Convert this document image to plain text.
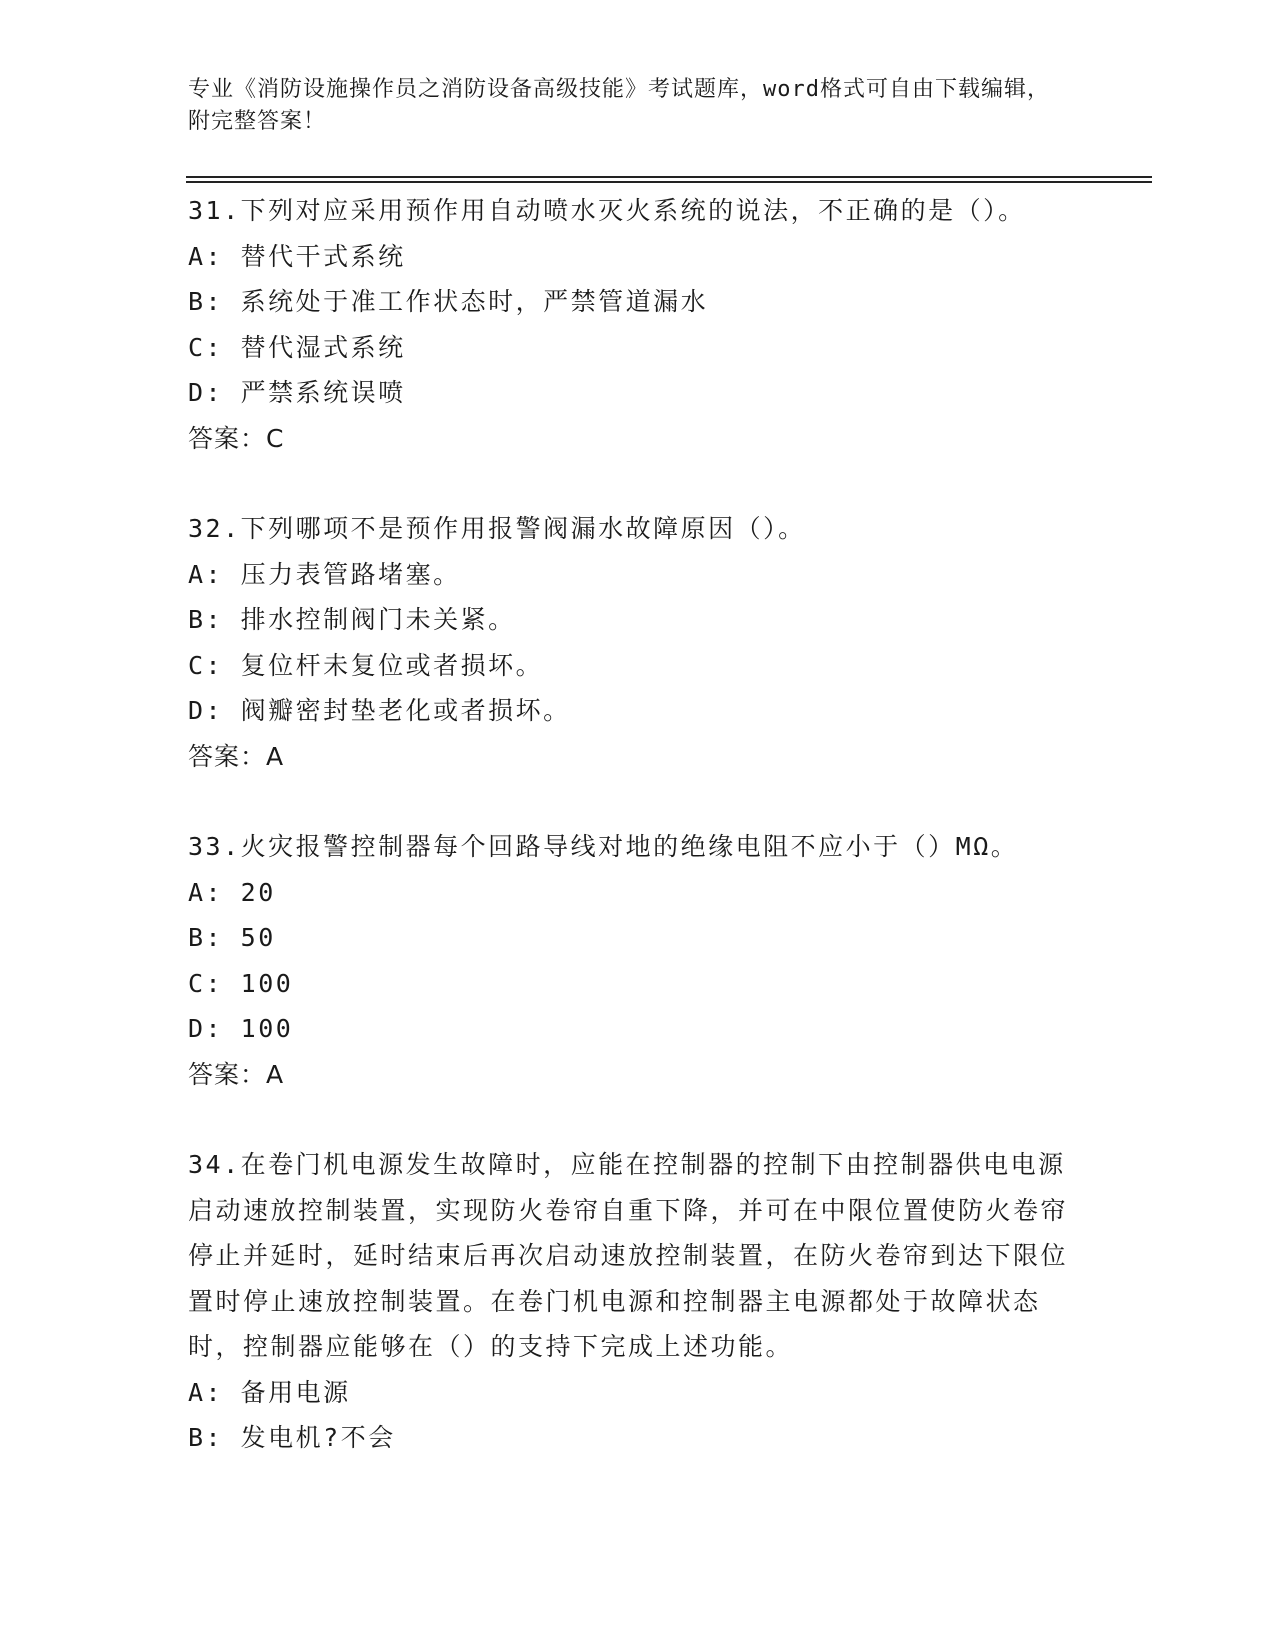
专业《消防设施操作员之消防设备高级技能》考试题库，word格式可自由下载编辑，附完整答案！
31.下列对应采用预作用自动喷水灭火系统的说法，不正确的是（）。
A: 替代干式系统
B: 系统处于准工作状态时，严禁管道漏水
C: 替代湿式系统
D: 严禁系统误喷
答案：C
32.下列哪项不是预作用报警阀漏水故障原因（）。
A: 压力表管路堵塞。
B: 排水控制阀门未关紧。
C: 复位杆未复位或者损坏。
D: 阀瓣密封垫老化或者损坏。
答案：A
33.火灾报警控制器每个回路导线对地的绝缘电阻不应小于（）MΩ。
A: 20
B: 50
C: 100
D: 100
答案：A
34.在卷门机电源发生故障时，应能在控制器的控制下由控制器供电电源启动速放控制装置，实现防火卷帘自重下降，并可在中限位置使防火卷帘停止并延时，延时结束后再次启动速放控制装置，在防火卷帘到达下限位置时停止速放控制装置。在卷门机电源和控制器主电源都处于故障状态时，控制器应能够在（）的支持下完成上述功能。
A: 备用电源
B: 发电机?不会
